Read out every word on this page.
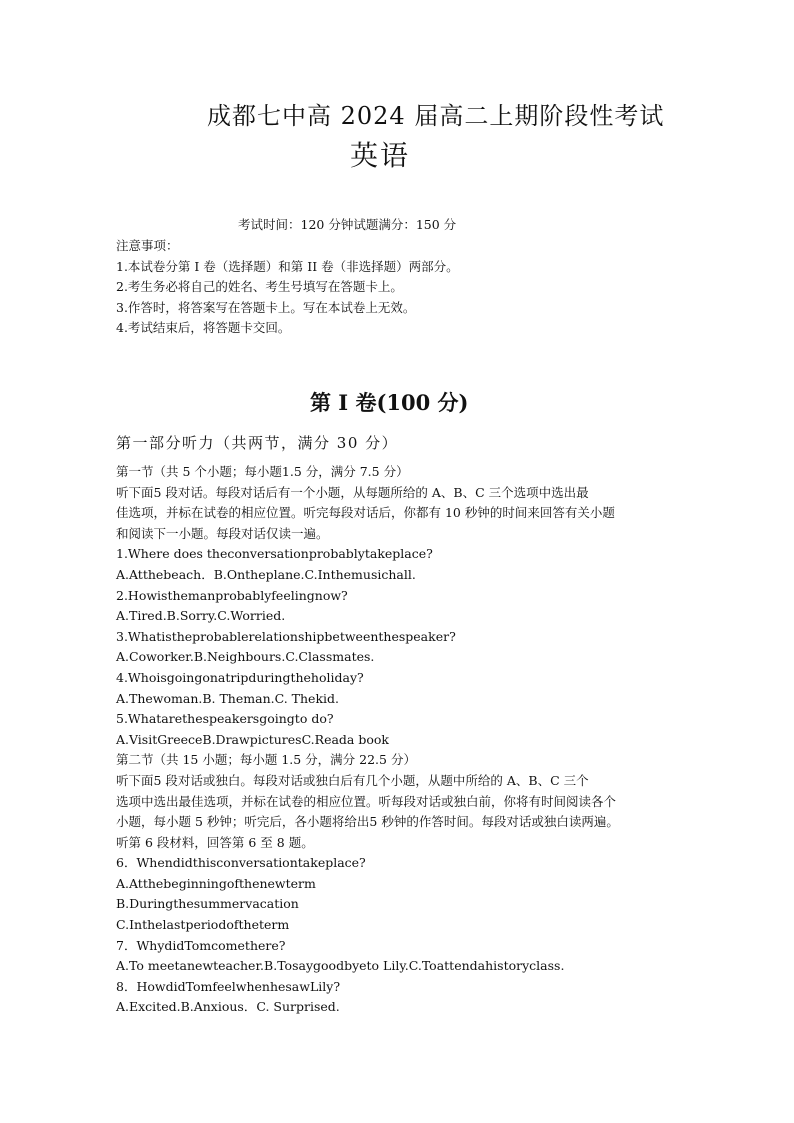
成都七中高 2024 届高二上期阶段性考试
英语
考试时间：120 分钟试题满分：150 分
注意事项：
1.本试卷分第 I 卷（选择题）和第 II 卷（非选择题）两部分。
2.考生务必将自己的姓名、考生号填写在答题卡上。
3.作答时，将答案写在答题卡上。写在本试卷上无效。
4.考试结束后，将答题卡交回。
第 I 卷(100 分)
第一部分听力（共两节，满分 30 分）
第一节（共 5 个小题；每小题1.5 分，满分 7.5 分）
听下面5 段对话。每段对话后有一个小题，从每题所给的 A、B、C 三个选项中选出最
佳选项，并标在试卷的相应位置。听完每段对话后，你都有 10 秒钟的时间来回答有关小题
和阅读下一小题。每段对话仅读一遍。
1.Where does theconversationprobablytakeplace?
A.Atthebeach．B.Ontheplane.C.Inthemusichall.
2.Howisthemanprobablyfeelingnow?
A.Tired.B.Sorry.C.Worried.
3.Whatistheprobablerelationshipbetweenthespeaker?
A.Coworker.B.Neighbours.C.Classmates.
4.Whoisgoingonatripduringtheholiday?
A.Thewoman.B. Theman.C. Thekid.
5.Whatarethespeakersgoingto do?
A.VisitGreeceB.DrawpicturesC.Reada book
第二节（共 15 小题；每小题 1.5 分，满分 22.5 分）
听下面5 段对话或独白。每段对话或独白后有几个小题，从题中所给的 A、B、C 三个
选项中选出最佳选项，并标在试卷的相应位置。听每段对话或独白前，你将有时间阅读各个
小题，每小题 5 秒钟；听完后，各小题将给出5 秒钟的作答时间。每段对话或独白读两遍。
听第 6 段材料，回答第 6 至 8 题。
6．Whendidthisconversationtakeplace?
A.Atthebeginningofthenewterm
B.Duringthesummervacation
C.Inthelastperiodoftheterm
7．WhydidTomcomethere?
A.To meetanewteacher.B.Tosaygoodbyeto Lily.C.Toattendahistoryclass.
8．HowdidTomfeelwhenhesawLily?
A.Excited.B.Anxious．C. Surprised.
